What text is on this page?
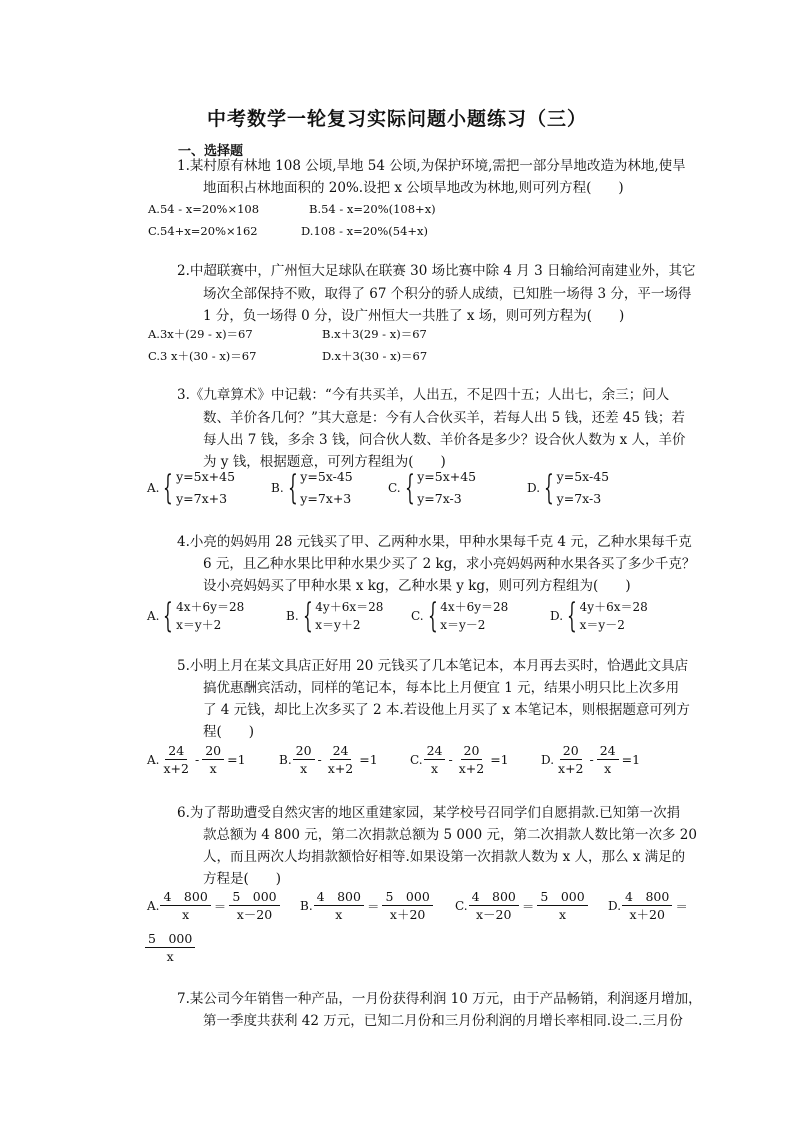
中考数学一轮复习实际问题小题练习（三）
一、选择题
1.某村原有林地 108 公顷,旱地 54 公顷,为保护环境,需把一部分旱地改造为林地,使旱
地面积占林地面积的 20%.设把 x 公顷旱地改为林地,则可列方程(　　)
A.54 - x=20%×108	B.54 - x=20%(108+x)
C.54+x=20%×162	D.108 - x=20%(54+x)
2.中超联赛中，广州恒大足球队在联赛 30 场比赛中除 4 月 3 日输给河南建业外，其它
场次全部保持不败，取得了 67 个积分的骄人成绩，已知胜一场得 3 分，平一场得
1 分，负一场得 0 分，设广州恒大一共胜了 x 场，则可列方程为(　　)
A.3x＋(29 - x)＝67	B.x＋3(29 - x)＝67
C.3 x＋(30 - x)＝67	D.x＋3(30 - x)＝67
3.《九章算术》中记载：“今有共买羊，人出五，不足四十五；人出七，余三；问人
数、羊价各几何？”其大意是：今有人合伙买羊，若每人出 5 钱，还差 45 钱；若
每人出 7 钱，多余 3 钱，问合伙人数、羊价各是多少？设合伙人数为 x 人，羊价
为 y 钱，根据题意，可列方程组为(　　)
A. { y=5x+45
y=7x+3
B. { y=5x-45
y=7x+3
C. { y=5x+45
y=7x-3
D. { y=5x-45
y=7x-3
4.小亮的妈妈用 28 元钱买了甲、乙两种水果，甲种水果每千克 4 元，乙种水果每千克
6 元，且乙种水果比甲种水果少买了 2 kg，求小亮妈妈两种水果各买了多少千克？
设小亮妈妈买了甲种水果 x kg，乙种水果 y kg，则可列方程组为(　　)
A. { 4x＋6y＝28
x＝y＋2
B. { 4y＋6x＝28
x＝y＋2
C. { 4x＋6y＝28
x＝y－2
D. { 4y＋6x＝28
x＝y－2
5.小明上月在某文具店正好用 20 元钱买了几本笔记本，本月再去买时，恰遇此文具店
搞优惠酬宾活动，同样的笔记本，每本比上月便宜 1 元，结果小明只比上次多用
了 4 元钱，却比上次多买了 2 本.若设他上月买了 x 本笔记本，则根据题意可列方
程(　　)
A. $\frac{24}{x+2} - \frac{20}{x} =1$	B. $\frac{20}{x} - \frac{24}{x+2} =1$	C. $\frac{24}{x} - \frac{20}{x+2} =1$	D. $\frac{20}{x+2} - \frac{24}{x} =1$
6.为了帮助遭受自然灾害的地区重建家园，某学校号召同学们自愿捐款.已知第一次捐
款总额为 4 800 元，第二次捐款总额为 5 000 元，第二次捐款人数比第一次多 20
人，而且两次人均捐款额恰好相等.如果设第一次捐款人数为 x 人，那么 x 满足的
方程是(　　)
A. $\frac{4 800}{x} = \frac{5 000}{x-20} B$. $\frac{4 800}{x} = \frac{5 000}{x+20} C$. $\frac{4 800}{x-20} = \frac{5 000}{x} D$. $\frac{4 800}{x+20}$ ＝
$\frac{5 000}{x}$
7.某公司今年销售一种产品，一月份获得利润 10 万元，由于产品畅销，利润逐月增加，
第一季度共获利 42 万元，已知二月份和三月份利润的月增长率相同.设二.三月份
